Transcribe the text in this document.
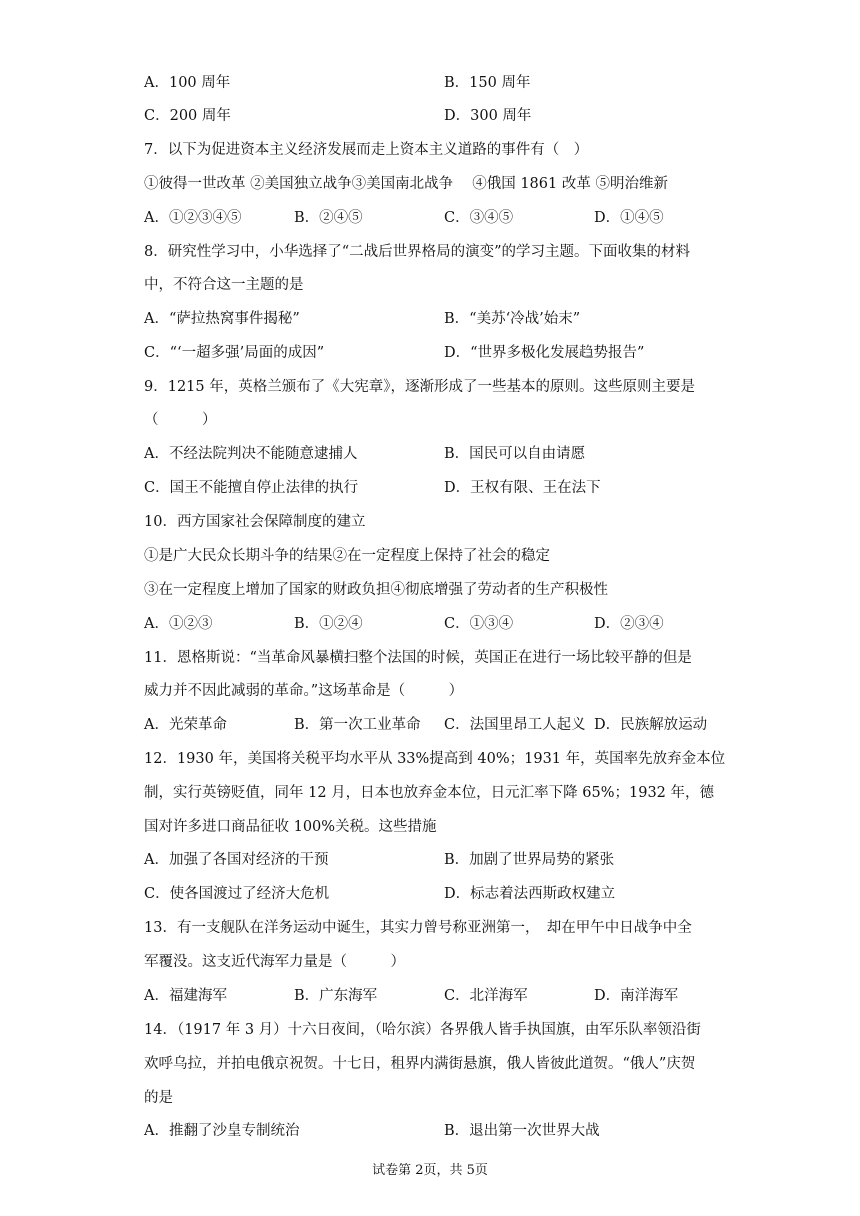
A．100 周年	B．150 周年
C．200 周年	D．300 周年
7．以下为促进资本主义经济发展而走上资本主义道路的事件有（　）
①彼得一世改革 ②美国独立战争③美国南北战争　 ④俄国 1861 改革 ⑤明治维新
A．①②③④⑤	B．②④⑤	C．③④⑤	D．①④⑤
8．研究性学习中，小华选择了“二战后世界格局的演变”的学习主题。下面收集的材料
中，不符合这一主题的是
A．“萨拉热窝事件揭秘”	B．“美苏‘冷战’始末”
C．“‘一超多强’局面的成因”	D．“世界多极化发展趋势报告”
9．1215 年，英格兰颁布了《大宪章》，逐渐形成了一些基本的原则。这些原则主要是
（　　　）
A．不经法院判决不能随意逮捕人	B．国民可以自由请愿
C．国王不能擅自停止法律的执行	D．王权有限、王在法下
10．西方国家社会保障制度的建立
①是广大民众长期斗争的结果②在一定程度上保持了社会的稳定
③在一定程度上增加了国家的财政负担④彻底增强了劳动者的生产积极性
A．①②③	B．①②④	C．①③④	D．②③④
11．恩格斯说：“当革命风暴横扫整个法国的时候，英国正在进行一场比较平静的但是
威力并不因此减弱的革命。”这场革命是（　　　）
A．光荣革命	B．第一次工业革命 C．法国里昂工人起义 D．民族解放运动
12．1930 年，美国将关税平均水平从 33%提高到 40%；1931 年，英国率先放弃金本位
制，实行英镑贬值，同年 12 月，日本也放弃金本位，日元汇率下降 65%；1932 年，德
国对许多进口商品征收 100%关税。这些措施
A．加强了各国对经济的干预	B．加剧了世界局势的紧张
C．使各国渡过了经济大危机	D．标志着法西斯政权建立
13．有一支舰队在洋务运动中诞生，其实力曾号称亚洲第一，　却在甲午中日战争中全
军覆没。这支近代海军力量是（　　　）
A．福建海军	B．广东海军	C．北洋海军	D．南洋海军
14．（1917 年 3 月）十六日夜间，（哈尔滨）各界俄人皆手执国旗，由军乐队率领沿街
欢呼乌拉，并拍电俄京祝贺。十七日，租界内满街悬旗，俄人皆彼此道贺。“俄人”庆贺
的是
A．推翻了沙皇专制统治	B．退出第一次世界大战
试卷第 2页，共 5页
